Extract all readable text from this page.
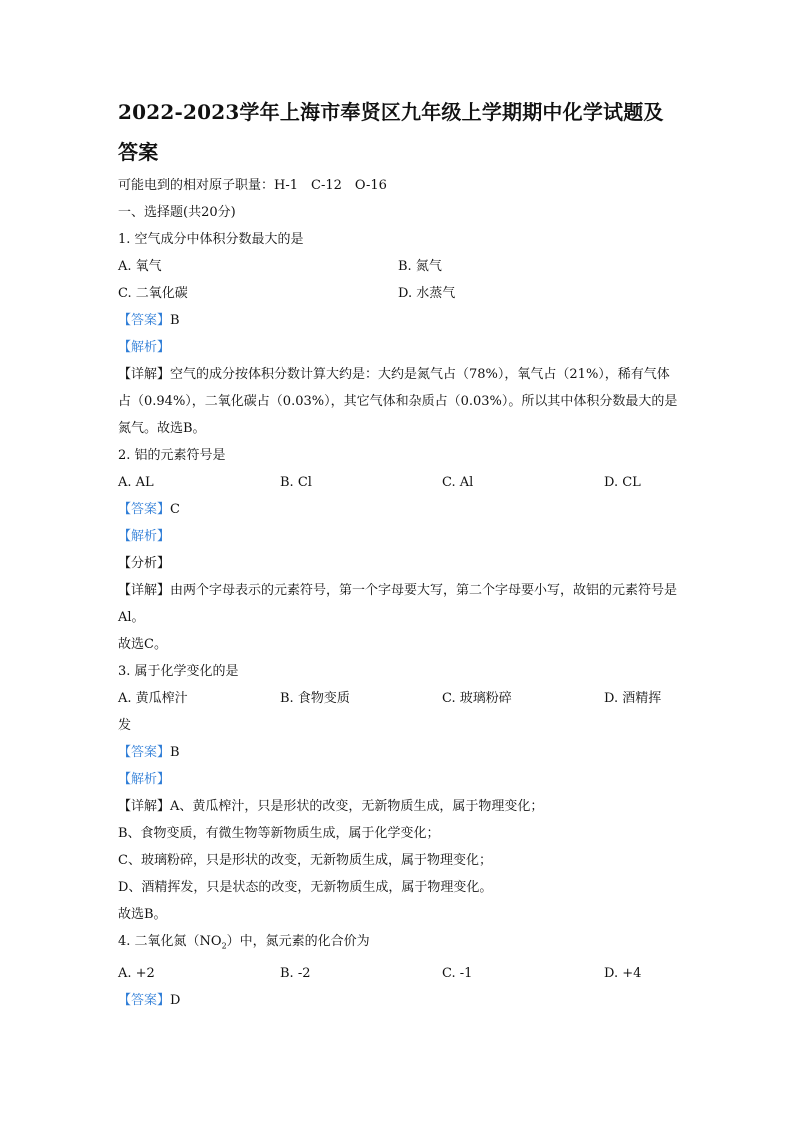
2022-2023学年上海市奉贤区九年级上学期期中化学试题及
答案
可能电到的相对原子职量：H-1　C-12　O-16
一、选择题(共20分)
1. 空气成分中体积分数最大的是
A. 氧气	B. 氮气
C. 二氧化碳	D. 水蒸气
【答案】B
【解析】
【详解】空气的成分按体积分数计算大约是：大约是氮气占（78%），氧气占（21%），稀有气体占（0.94%），二氧化碳占（0.03%），其它气体和杂质占（0.03%）。所以其中体积分数最大的是氮气。故选B。
2. 铝的元素符号是
A. AL	B. Cl	C. Al	D. CL
【答案】C
【解析】
【分析】
【详解】由两个字母表示的元素符号，第一个字母要大写，第二个字母要小写，故铝的元素符号是Al。
故选C。
3. 属于化学变化的是
A. 黄瓜榨汁	B. 食物变质	C. 玻璃粉碎	D. 酒精挥
发
【答案】B
【解析】
【详解】A、黄瓜榨汁，只是形状的改变，无新物质生成，属于物理变化；
B、食物变质，有微生物等新物质生成，属于化学变化；
C、玻璃粉碎，只是形状的改变，无新物质生成，属于物理变化；
D、酒精挥发，只是状态的改变，无新物质生成，属于物理变化。
故选B。
4. 二氧化氮$(NO_2)$中，氮元素的化合价为
A. +2	B. -2	C. -1	D. +4
【答案】D
